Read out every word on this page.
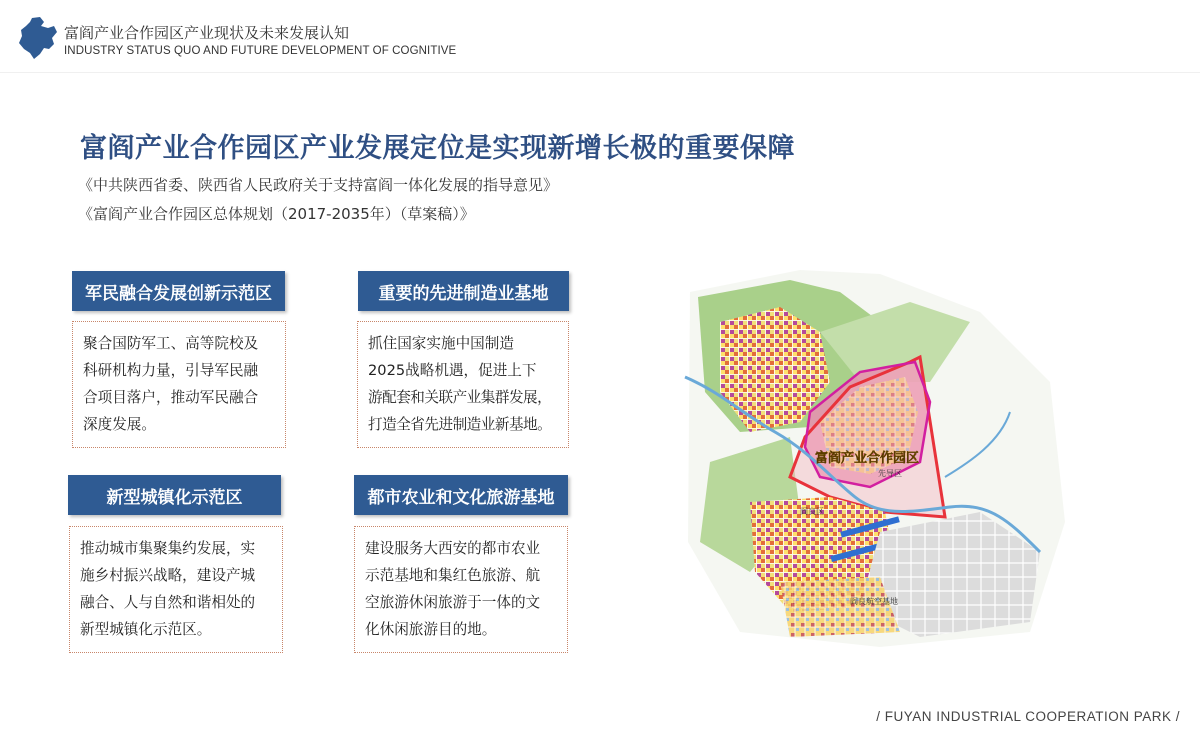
富阎产业合作园区产业现状及未来发展认知
INDUSTRY STATUS QUO AND FUTURE DEVELOPMENT OF COGNITIVE
富阎产业合作园区产业发展定位是实现新增长极的重要保障
《中共陕西省委、陕西省人民政府关于支持富阎一体化发展的指导意见》
《富阎产业合作园区总体规划（2017-2035年）（草案稿）》
军民融合发展创新示范区
聚合国防军工、高等院校及
科研机构力量，引导军民融
合项目落户，推动军民融合
深度发展。
重要的先进制造业基地
抓住国家实施中国制造
2025战略机遇，促进上下
游配套和关联产业集群发展，
打造全省先进制造业新基地。
新型城镇化示范区
推动城市集聚集约发展，实
施乡村振兴战略，建设产城
融合、人与自然和谐相处的
新型城镇化示范区。
都市农业和文化旅游基地
建设服务大西安的都市农业
示范基地和集红色旅游、航
空旅游休闲旅游于一体的文
化休闲旅游目的地。
富阎产业合作园区
先导区
阎良区
阎良航空基地
/ FUYAN INDUSTRIAL COOPERATION PARK /
